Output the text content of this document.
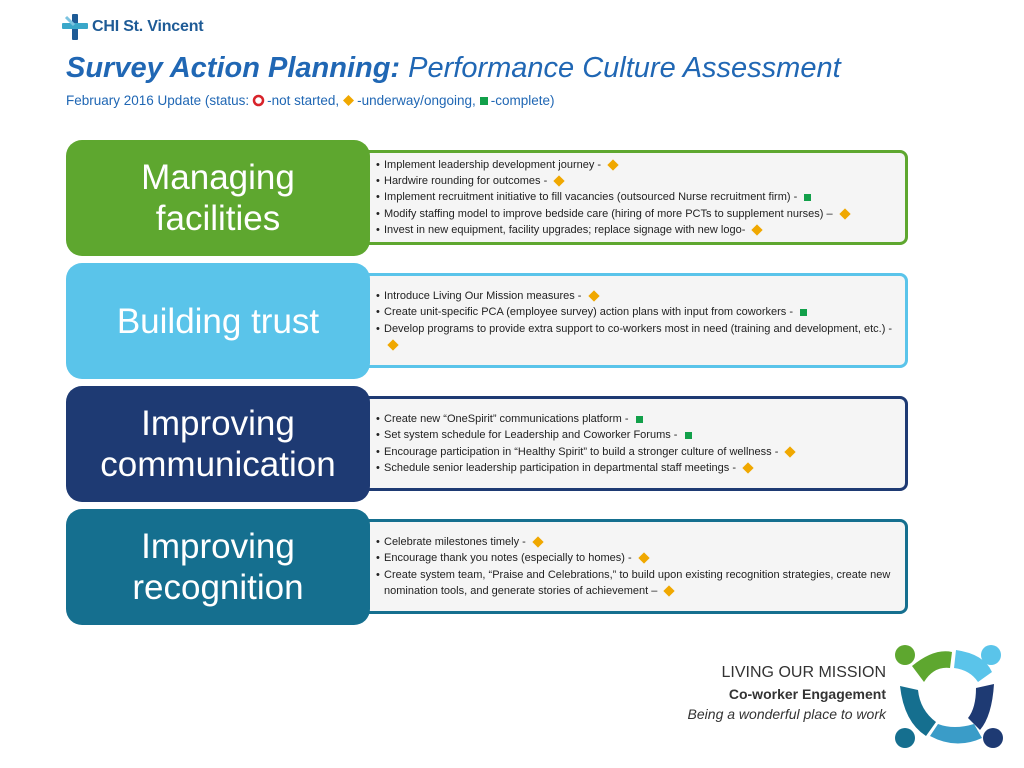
CHI St. Vincent
Survey Action Planning: Performance Culture Assessment
February 2016 Update (status: -not started, -underway/ongoing, -complete)
• Implement leadership development journey -
• Hardwire rounding for outcomes -
• Implement recruitment initiative to fill vacancies (outsourced Nurse recruitment firm) -
• Modify staffing model to improve bedside care (hiring of more PCTs to supplement nurses) –
• Invest in new equipment, facility upgrades; replace signage with new logo-
Managing
facilities
• Introduce Living Our Mission measures -
• Create unit-specific PCA (employee survey) action plans with input from coworkers -
• Develop programs to provide extra support to co-workers most in need (training and development, etc.) -
Building trust
• Create new “OneSpirit” communications platform -
• Set system schedule for Leadership and Coworker Forums -
• Encourage participation in “Healthy Spirit” to build a stronger culture of wellness -
• Schedule senior leadership participation in departmental staff meetings -
Improving
communication
• Celebrate milestones timely -
• Encourage thank you notes (especially to homes) -
• Create system team, “Praise and Celebrations,” to build upon existing recognition strategies, create new nomination tools, and generate stories of achievement –
Improving
recognition
LIVING OUR MISSION
Co-worker Engagement
Being a wonderful place to work
